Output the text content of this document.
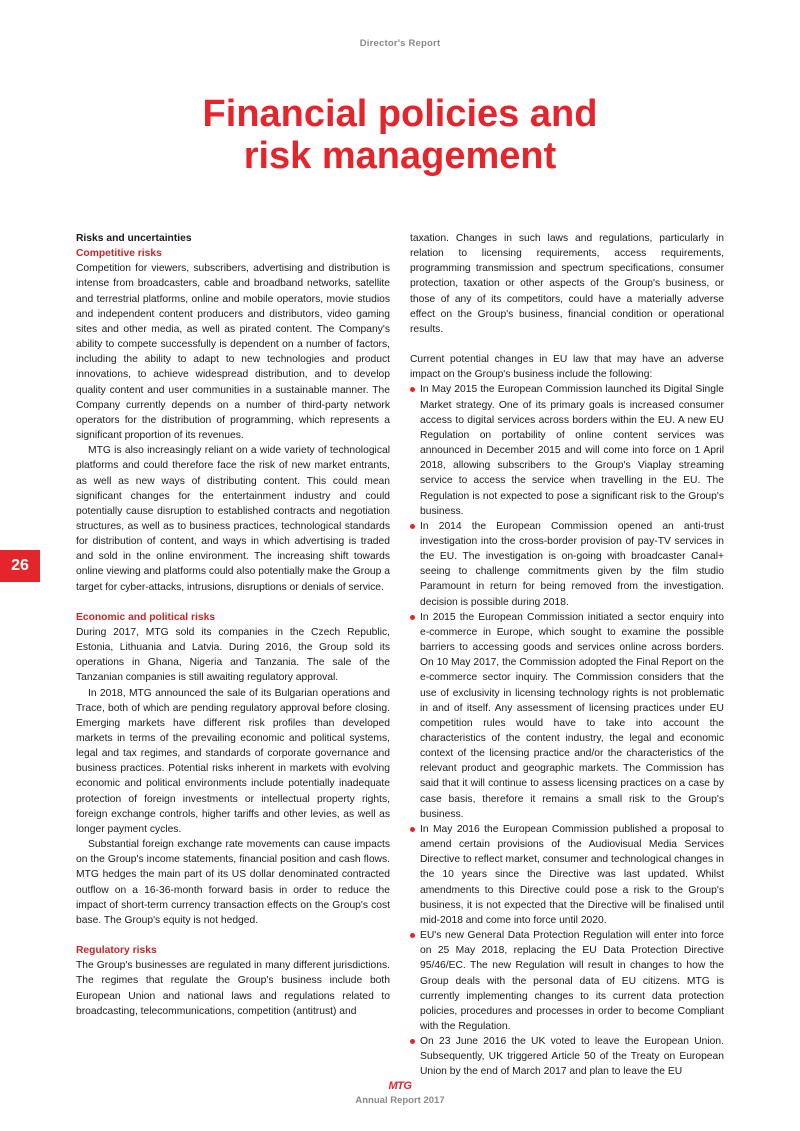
Director's Report
Financial policies and
risk management
26

Risks and uncertainties

Competitive risks

Competition for viewers, subscribers, advertising and distribution is intense from broadcasters, cable and broadband networks, satellite and terrestrial platforms, online and mobile operators, movie studios and independent content producers and distributors, video gaming sites and other media, as well as pirated content. The Company's ability to compete successfully is dependent on a number of factors, including the ability to adapt to new technologies and product innovations, to achieve widespread distribution, and to develop quality content and user communities in a sustainable manner. The Company currently depends on a number of third-party network operators for the distribution of programming, which represents a significant proportion of its revenues.

MTG is also increasingly reliant on a wide variety of technological platforms and could therefore face the risk of new market entrants, as well as new ways of distributing content. This could mean significant changes for the entertainment industry and could potentially cause disruption to established contracts and negotiation structures, as well as to business practices, technological standards for distribution of content, and ways in which advertising is traded and sold in the online environment. The increasing shift towards online viewing and platforms could also potentially make the Group a target for cyber-attacks, intrusions, disruptions or denials of service.

Economic and political risks

During 2017, MTG sold its companies in the Czech Republic, Estonia, Lithuania and Latvia. During 2016, the Group sold its operations in Ghana, Nigeria and Tanzania. The sale of the Tanzanian companies is still awaiting regulatory approval.

In 2018, MTG announced the sale of its Bulgarian operations and Trace, both of which are pending regulatory approval before closing. Emerging markets have different risk profiles than developed markets in terms of the prevailing economic and political systems, legal and tax regimes, and standards of corporate governance and business practices. Potential risks inherent in markets with evolving economic and political environments include potentially inadequate protection of foreign investments or intellectual property rights, foreign exchange controls, higher tariffs and other levies, as well as longer payment cycles.

Substantial foreign exchange rate movements can cause impacts on the Group's income statements, financial position and cash flows. MTG hedges the main part of its US dollar denominated contracted outflow on a 16-36-month forward basis in order to reduce the impact of short-term currency transaction effects on the Group's cost base. The Group's equity is not hedged.

Regulatory risks

The Group's businesses are regulated in many different jurisdictions. The regimes that regulate the Group's business include both European Union and national laws and regulations related to broadcasting, telecommunications, competition (antitrust) and

taxation. Changes in such laws and regulations, particularly in relation to licensing requirements, access requirements, programming transmission and spectrum specifications, consumer protection, taxation or other aspects of the Group's business, or those of any of its competitors, could have a materially adverse effect on the Group's business, financial condition or operational results.

Current potential changes in EU law that may have an adverse impact on the Group's business include the following:

In May 2015 the European Commission launched its Digital Single Market strategy. One of its primary goals is increased consumer access to digital services across borders within the EU. A new EU Regulation on portability of online content services was announced in December 2015 and will come into force on 1 April 2018, allowing subscribers to the Group's Viaplay streaming service to access the service when travelling in the EU. The Regulation is not expected to pose a significant risk to the Group's business.
In 2014 the European Commission opened an anti-trust investigation into the cross-border provision of pay-TV services in the EU. The investigation is on-going with broadcaster Canal+ seeing to challenge commitments given by the film studio Paramount in return for being removed from the investigation. decision is possible during 2018.
In 2015 the European Commission initiated a sector enquiry into e-commerce in Europe, which sought to examine the possible barriers to accessing goods and services online across borders. On 10 May 2017, the Commission adopted the Final Report on the e-commerce sector inquiry. The Commission considers that the use of exclusivity in licensing technology rights is not problematic in and of itself. Any assessment of licensing practices under EU competition rules would have to take into account the characteristics of the content industry, the legal and economic context of the licensing practice and/or the characteristics of the relevant product and geographic markets. The Commission has said that it will continue to assess licensing practices on a case by case basis, therefore it remains a small risk to the Group's business.
In May 2016 the European Commission published a proposal to amend certain provisions of the Audiovisual Media Services Directive to reflect market, consumer and technological changes in the 10 years since the Directive was last updated. Whilst amendments to this Directive could pose a risk to the Group's business, it is not expected that the Directive will be finalised until mid-2018 and come into force until 2020.
EU's new General Data Protection Regulation will enter into force on 25 May 2018, replacing the EU Data Protection Directive 95/46/EC. The new Regulation will result in changes to how the Group deals with the personal data of EU citizens. MTG is currently implementing changes to its current data protection policies, procedures and processes in order to become Compliant with the Regulation.
On 23 June 2016 the UK voted to leave the European Union. Subsequently, UK triggered Article 50 of the Treaty on European Union by the end of March 2017 and plan to leave the EU
MTG
Annual Report 2017
